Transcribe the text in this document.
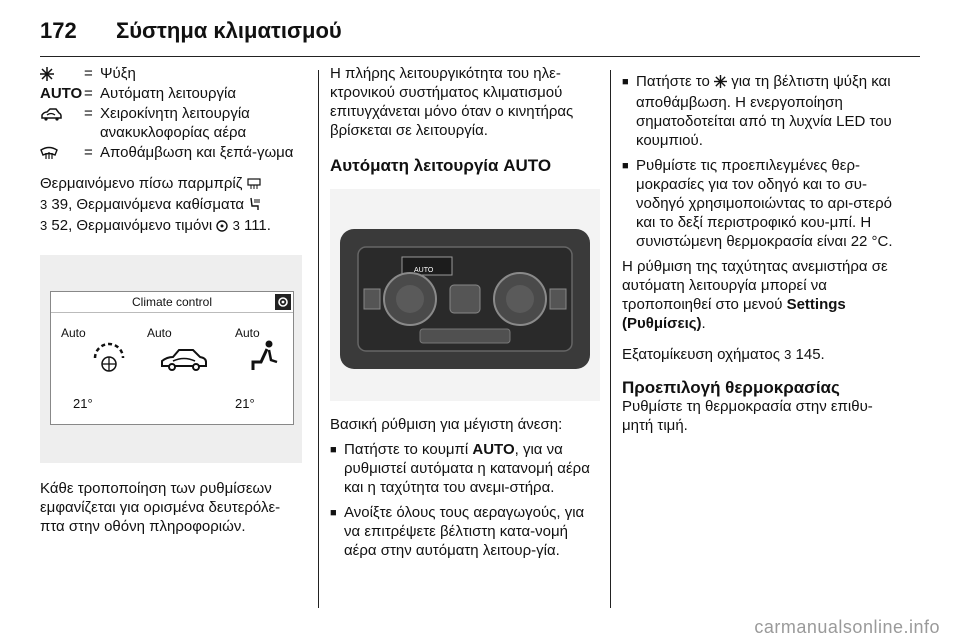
172 Σύστημα κλιματισμού
= Ψύξη
AUTO = Αυτόματη λειτουργία
= Χειροκίνητη λειτουργία ανακυκλοφορίας αέρα
= Αποθάμβωση και ξεπά-γωμα

Θερμαινόμενο πίσω παρμπρίζ
3 39, Θερμαινόμενα καθίσματα
3 52, Θερμαινόμενο τιμόνι 3 111.

Climate control
Auto	Auto	Auto
21°	21°

Κάθε τροποποίηση των ρυθμίσεων εμφανίζεται για ορισμένα δευτερόλε-πτα στην οθόνη πληροφοριών.

Η πλήρης λειτουργικότητα του ηλε-κτρονικού συστήματος κλιματισμού επιτυγχάνεται μόνο όταν ο κινητήρας βρίσκεται σε λειτουργία.

Αυτόματη λειτουργία AUTO
AUTO

Βασική ρύθμιση για μέγιστη άνεση:

■ Πατήστε το κουμπί AUTO, για να ρυθμιστεί αυτόματα η κατανομή αέρα και η ταχύτητα του ανεμι-στήρα.
■ Ανοίξτε όλους τους αεραγωγούς, για να επιτρέψετε βέλτιστη κατα-νομή αέρα στην αυτόματη λειτουρ-γία.
■ Πατήστε το για τη βέλτιστη ψύξη και αποθάμβωση. Η ενεργοποίηση σηματοδοτείται από τη λυχνία LED του κουμπιού.
■ Ρυθμίστε τις προεπιλεγμένες θερ-μοκρασίες για τον οδηγό και το συ-νοδηγό χρησιμοποιώντας το αρι-στερό και το δεξί περιστροφικό κου-μπί. Η συνιστώμενη θερμοκρασία είναι 22 °C.

Η ρύθμιση της ταχύτητας ανεμιστήρα σε αυτόματη λειτουργία μπορεί να τροποποιηθεί στο μενού Settings (Ρυθμίσεις).

Εξατομίκευση οχήματος 3 145.

Προεπιλογή θερμοκρασίας

Ρυθμίστε τη θερμοκρασία στην επιθυ-μητή τιμή.

carmanualsonline.info
